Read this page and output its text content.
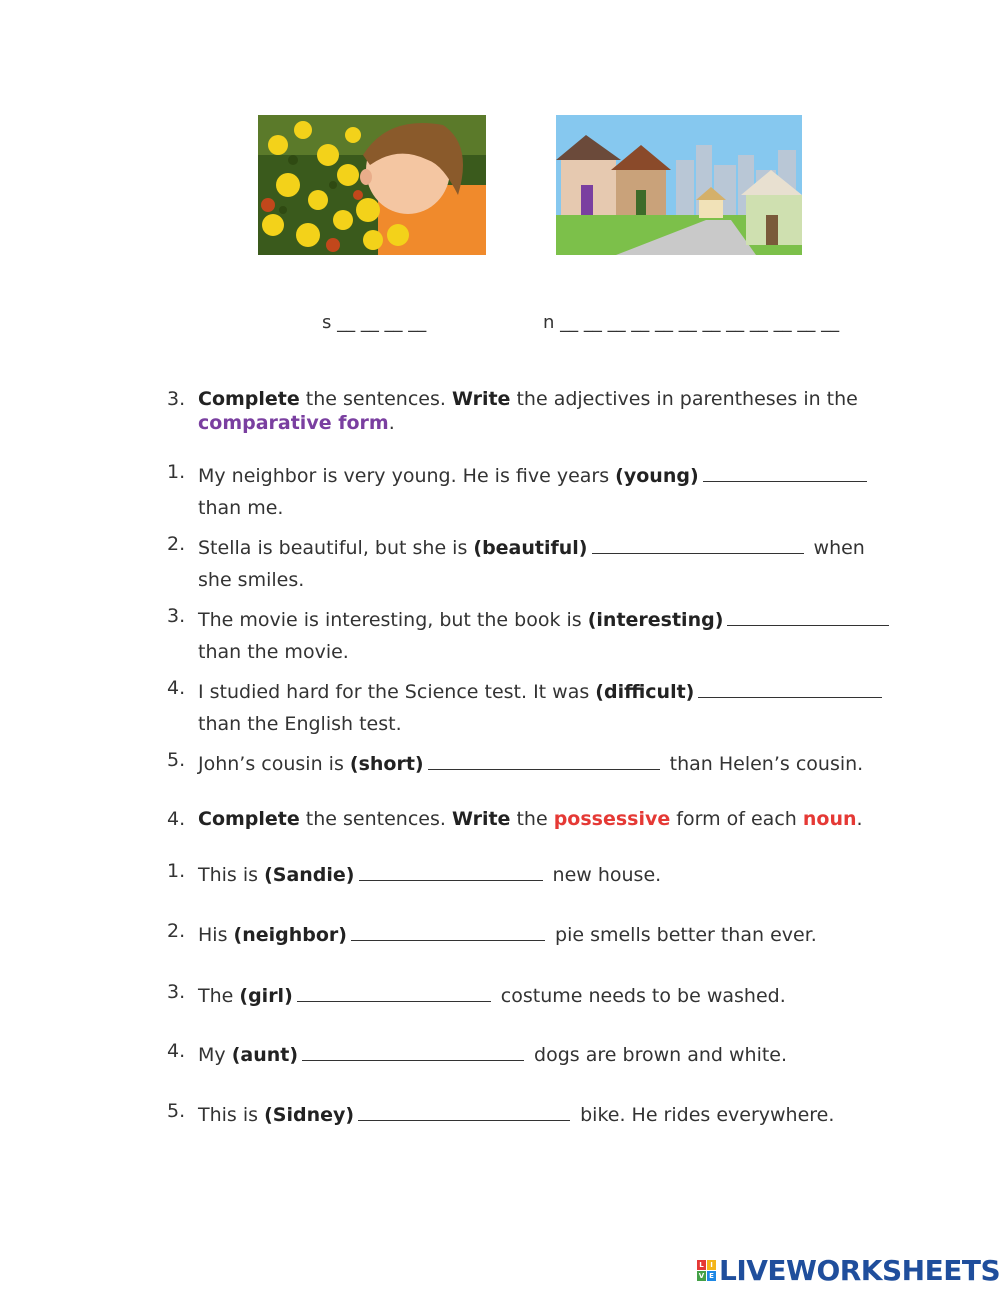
s __ __ __ __	n __ __ __ __ __ __ __ __ __ __ __ __
3. Complete the sentences. Write the adjectives in parentheses in the
comparative form.
1. My neighbor is very young. He is five years (young)
than me.
2. Stella is beautiful, but she is (beautiful)	when
she smiles.
3. The movie is interesting, but the book is (interesting)
than the movie.
4. I studied hard for the Science test. It was (difficult)
than the English test.
5. John’s cousin is (short)	than Helen’s cousin.
4. Complete the sentences. Write the possessive form of each noun.
1. This is (Sandie)	new house.
2. His (neighbor)	pie smells better than ever.
3. The (girl)	costume needs to be washed.
4. My (aunt)	dogs are brown and white.
5. This is (Sidney)	bike. He rides everywhere.
L I
V E LIVEWORKSHEETS
